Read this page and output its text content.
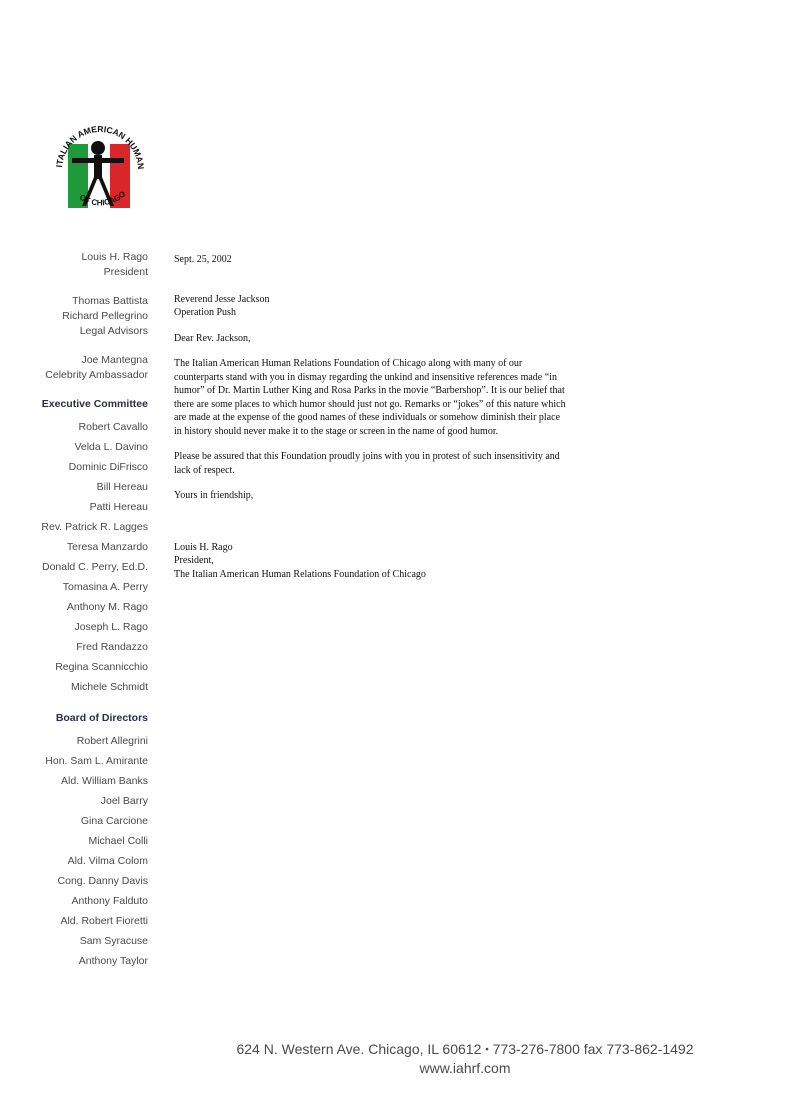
ITALIAN AMERICAN HUMAN
OF CHICAGO
Louis H. Rago
President
Thomas Battista
Richard Pellegrino
Legal Advisors
Joe Mantegna
Celebrity Ambassador
Executive Committee
Robert Cavallo
Velda L. Davino
Dominic DiFrisco
Bill Hereau
Patti Hereau
Rev. Patrick R. Lagges
Teresa Manzardo
Donald C. Perry, Ed.D.
Tomasina A. Perry
Anthony M. Rago
Joseph L. Rago
Fred Randazzo
Regina Scannicchio
Michele Schmidt
Board of Directors
Robert Allegrini
Hon. Sam L. Amirante
Ald. William Banks
Joel Barry
Gina Carcione
Michael Colli
Ald. Vilma Colom
Cong. Danny Davis
Anthony Falduto
Ald. Robert Fioretti
Sam Syracuse
Anthony Taylor

Sept. 25, 2002

Reverend Jesse Jackson

Operation Push

Dear Rev. Jackson,

The Italian American Human Relations Foundation of Chicago along with many of our counterparts stand with you in dismay regarding the unkind and insensitive references made “in humor” of Dr. Martin Luther King and Rosa Parks in the movie “Barbershop”. It is our belief that there are some places to which humor should just not go. Remarks or “jokes” of this nature which are made at the expense of the good names of these individuals or somehow diminish their place in history should never make it to the stage or screen in the name of good humor.

Please be assured that this Foundation proudly joins with you in protest of such insensitivity and lack of respect.

Yours in friendship,

Louis H. Rago

President,

The Italian American Human Relations Foundation of Chicago

624 N. Western Ave. Chicago, IL 60612 • 773-276-7800 fax 773-862-1492
www.iahrf.com
